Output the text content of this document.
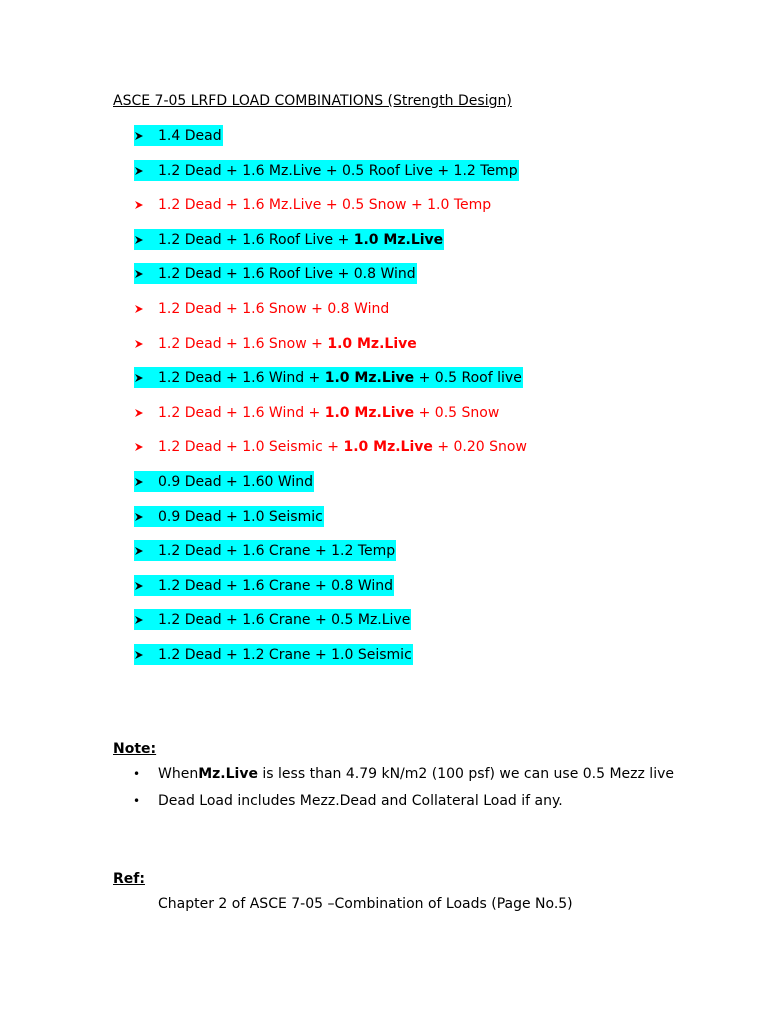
ASCE 7-05 LRFD LOAD COMBINATIONS (Strength Design)
1.4 Dead
1.2 Dead + 1.6 Mz.Live + 0.5 Roof Live + 1.2 Temp
1.2 Dead + 1.6 Mz.Live + 0.5 Snow + 1.0 Temp
1.2 Dead + 1.6 Roof Live + 1.0 Mz.Live
1.2 Dead + 1.6 Roof Live + 0.8 Wind
1.2 Dead + 1.6 Snow + 0.8 Wind
1.2 Dead + 1.6 Snow + 1.0 Mz.Live
1.2 Dead + 1.6 Wind + 1.0 Mz.Live + 0.5 Roof live
1.2 Dead + 1.6 Wind + 1.0 Mz.Live + 0.5 Snow
1.2 Dead + 1.0 Seismic + 1.0 Mz.Live + 0.20 Snow
0.9 Dead + 1.60 Wind
0.9 Dead + 1.0 Seismic
1.2 Dead + 1.6 Crane + 1.2 Temp
1.2 Dead + 1.6 Crane + 0.8 Wind
1.2 Dead + 1.6 Crane + 0.5 Mz.Live
1.2 Dead + 1.2 Crane + 1.0 Seismic
Note:
•	When Mz.Live is less than 4.79 kN/m2 (100 psf) we can use 0.5 Mezz live
•	Dead Load includes Mezz.Dead and Collateral Load if any.
Ref:
Chapter 2 of ASCE 7-05 –Combination of Loads (Page No.5)
